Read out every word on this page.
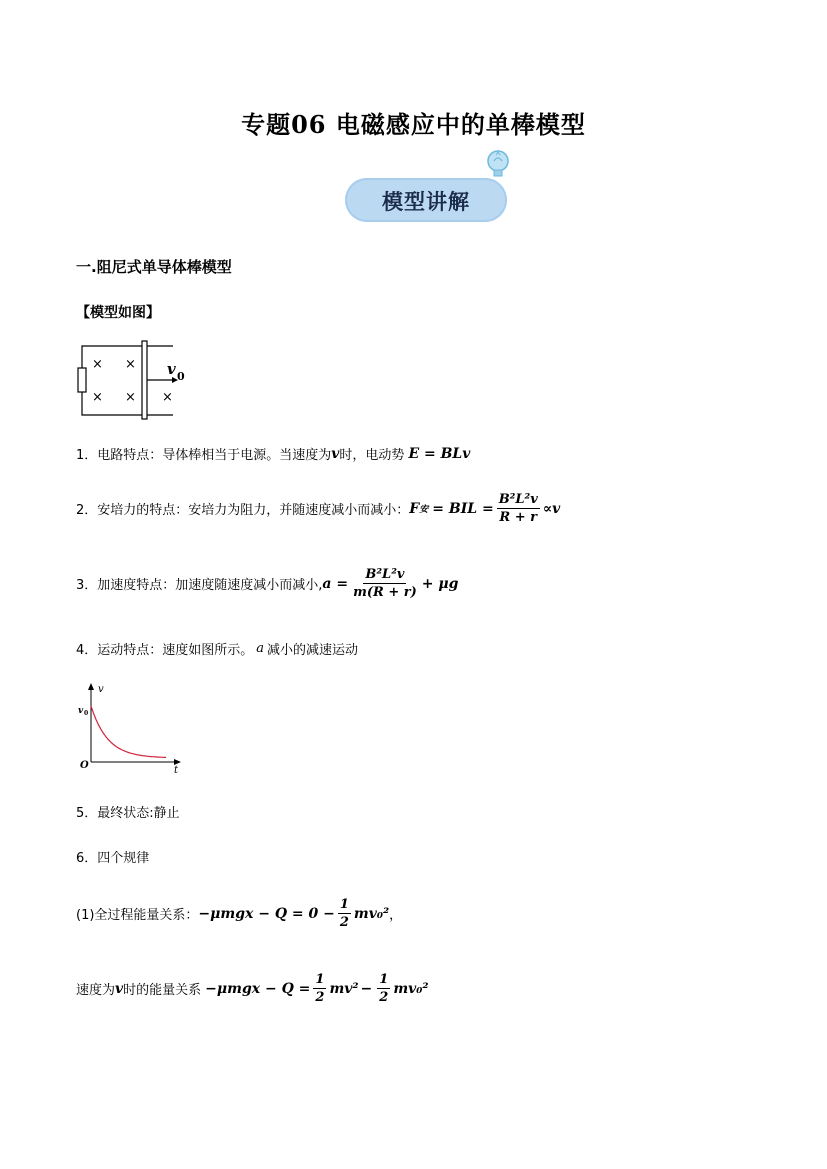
专题06 电磁感应中的单棒模型
模型讲解
一.阻尼式单导体棒模型
【模型如图】
× ×
× × ×
v 0
1．电路特点：导体棒相当于电源。当速度为 v 时，电动势 E = BLv
2．安培力的特点：安培力为阻力，并随速度减小而减小： F 安 = BIL = $\frac{\text{B²L²v}}{R + r} \propto v$
3．加速度特点：加速度随速度减小而减小, $a = \frac{\text{B²L²v}}{m(R + r)} + \mu g$
4．运动特点：速度如图所示。 a 减小的减速运动
v
t
O
v 0
5．最终状态:静止
6．四个规律
(1)全过程能量关系： $-\mu mgx - Q = 0 - \frac{1}{2} mv_0^2$ ，
速度为 v 时的能量关系 $-\mu mgx - Q = \frac{1}{2} mv^2 - \frac{1}{2} mv_0^2$
